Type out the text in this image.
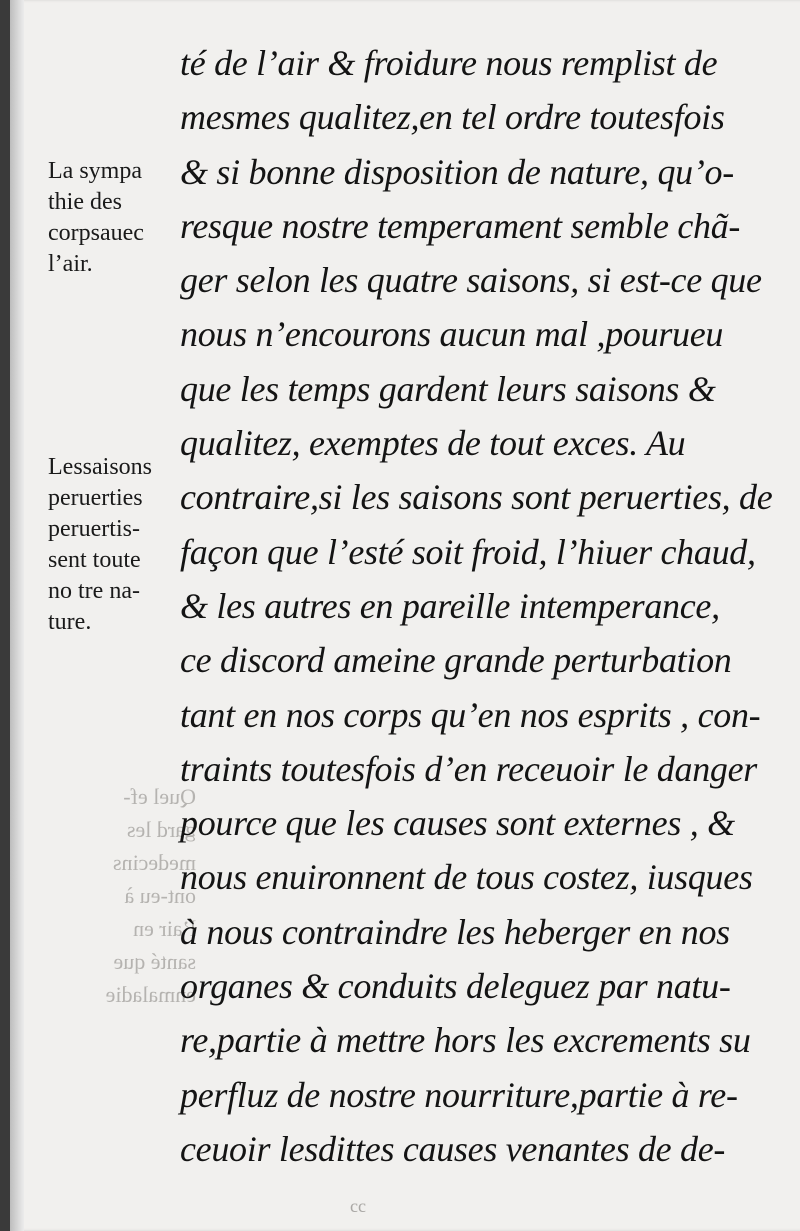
Quel ef-
gard les
medecins
ont-eu à
l’air en
santé que
enmaladie
La sympa
thie des
corpsauec
l’air.
Lessaisons
peruerties
peruertis-
sent toute
no tre na-
ture.
té de l’air & froidure nous remplist de
mesmes qualitez,en tel ordre toutesfois
& si bonne disposition de nature, qu’o-
resque nostre temperament semble chã-
ger selon les quatre saisons, si est-ce que
nous n’encourons aucun mal ,pourueu
que les temps gardent leurs saisons &
qualitez, exemptes de tout exces. Au
contraire,si les saisons sont peruerties, de
façon que l’esté soit froid, l’hiuer chaud,
& les autres en pareille intemperance,
ce discord ameine grande perturbation
tant en nos corps qu’en nos esprits , con-
traints toutesfois d’en receuoir le danger
pource que les causes sont externes , &
nous enuironnent de tous costez, iusques
à nous contraindre les heberger en nos
organes & conduits deleguez par natu-
re,partie à mettre hors les excrements su
perfluz de nostre nourriture,partie à re-
ceuoir lesdittes causes venantes de de-
cc
